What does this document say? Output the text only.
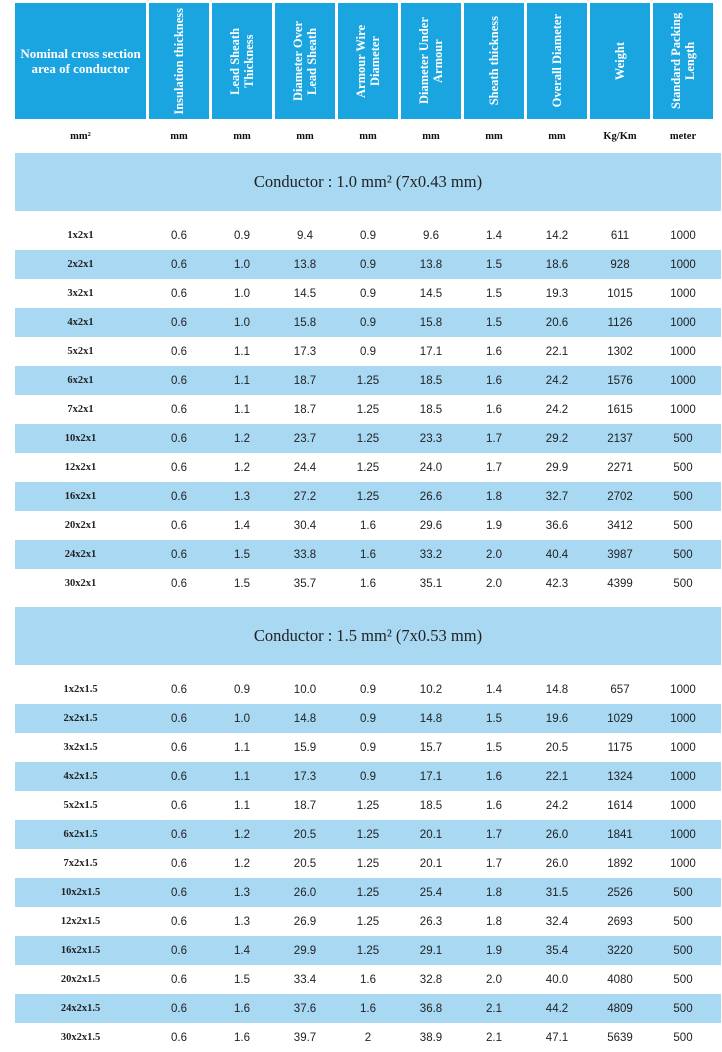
Nominal cross section area of conductor	Insulation thickness	Lead Sheath Thickness	Diameter Over Lead Sheath	Armour Wire Diameter	Diameter Under Armour	Sheath thickness	Overall Diameter	Weight	Standard Packing Length
mm²	mm	mm	mm	mm	mm	mm	mm	Kg/Km	meter
Conductor : 1.0 mm² (7x0.43 mm)
1x2x1	0.6	0.9	9.4	0.9	9.6	1.4	14.2	611	1000
2x2x1	0.6	1.0	13.8	0.9	13.8	1.5	18.6	928	1000
3x2x1	0.6	1.0	14.5	0.9	14.5	1.5	19.3	1015	1000
4x2x1	0.6	1.0	15.8	0.9	15.8	1.5	20.6	1126	1000
5x2x1	0.6	1.1	17.3	0.9	17.1	1.6	22.1	1302	1000
6x2x1	0.6	1.1	18.7	1.25	18.5	1.6	24.2	1576	1000
7x2x1	0.6	1.1	18.7	1.25	18.5	1.6	24.2	1615	1000
10x2x1	0.6	1.2	23.7	1.25	23.3	1.7	29.2	2137	500
12x2x1	0.6	1.2	24.4	1.25	24.0	1.7	29.9	2271	500
16x2x1	0.6	1.3	27.2	1.25	26.6	1.8	32.7	2702	500
20x2x1	0.6	1.4	30.4	1.6	29.6	1.9	36.6	3412	500
24x2x1	0.6	1.5	33.8	1.6	33.2	2.0	40.4	3987	500
30x2x1	0.6	1.5	35.7	1.6	35.1	2.0	42.3	4399	500
Conductor : 1.5 mm² (7x0.53 mm)
1x2x1.5	0.6	0.9	10.0	0.9	10.2	1.4	14.8	657	1000
2x2x1.5	0.6	1.0	14.8	0.9	14.8	1.5	19.6	1029	1000
3x2x1.5	0.6	1.1	15.9	0.9	15.7	1.5	20.5	1175	1000
4x2x1.5	0.6	1.1	17.3	0.9	17.1	1.6	22.1	1324	1000
5x2x1.5	0.6	1.1	18.7	1.25	18.5	1.6	24.2	1614	1000
6x2x1.5	0.6	1.2	20.5	1.25	20.1	1.7	26.0	1841	1000
7x2x1.5	0.6	1.2	20.5	1.25	20.1	1.7	26.0	1892	1000
10x2x1.5	0.6	1.3	26.0	1.25	25.4	1.8	31.5	2526	500
12x2x1.5	0.6	1.3	26.9	1.25	26.3	1.8	32.4	2693	500
16x2x1.5	0.6	1.4	29.9	1.25	29.1	1.9	35.4	3220	500
20x2x1.5	0.6	1.5	33.4	1.6	32.8	2.0	40.0	4080	500
24x2x1.5	0.6	1.6	37.6	1.6	36.8	2.1	44.2	4809	500
30x2x1.5	0.6	1.6	39.7	2	38.9	2.1	47.1	5639	500
